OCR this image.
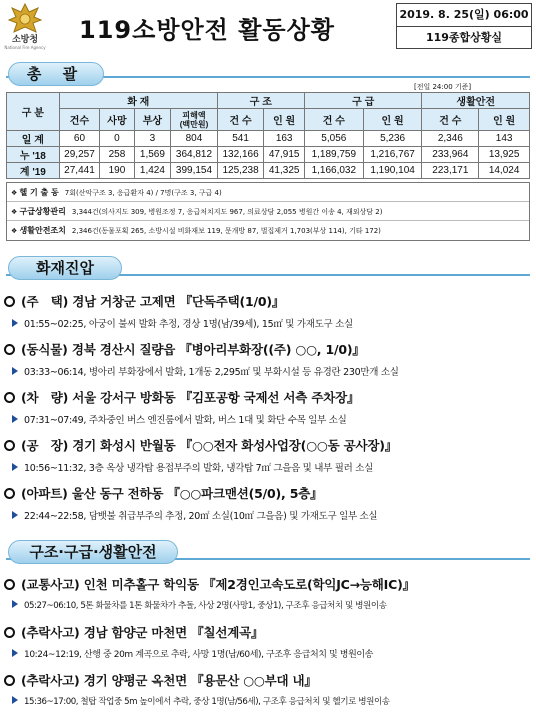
소방청
National Fire Agency
119소방안전 활동상황
2019. 8. 25(일) 06:00
119종합상황실
총 괄
[전일 24:00 기준]
구 분	화 재				구 조		구 급		생활안전	
	건수	사망	부상	피해액
(백만원)	건 수	인 원	건 수	인 원	건 수	인 원
일 계	60	0	3	804	541	163	5,056	5,236	2,346	143
누 '18	29,257	258	1,569	364,812	132,166	47,915	1,189,759	1,216,767	233,964	13,925
계 '19	27,441	190	1,424	399,154	125,238	41,325	1,166,032	1,190,104	223,171	14,024
❖ 헬 기 출 동 7회(산악구조 3, 응급환자 4) / 7명(구조 3, 구급 4)
❖ 구급상황관리 3,344건(의사지도 309, 병원조정 7, 응급처치지도 967, 의료상담 2,055 병원간 이송 4, 재외상담 2)
❖ 생활안전조치 2,346건(동물포획 265, 소방시설 비화재보 119, 문개방 87, 벌집제거 1,703(부상 114), 기타 172)
화재진압
(주　택) 경남 거창군 고제면 『단독주택(1/0)』
01:55~02:25, 아궁이 불씨 발화 추정, 경상 1명(남/39세), 15㎡ 및 가재도구 소실
(동식물) 경북 경산시 질량읍 『병아리부화장((주) ○○, 1/0)』
03:33~06:14, 병아리 부화장에서 발화, 1개동 2,295㎡ 및 부화시설 등 유경란 230만개 소실
(차　량) 서울 강서구 방화동 『김포공항 국제선 서측 주차장』
07:31~07:49, 주차중인 버스 엔진룸에서 발화, 버스 1대 및 화단 수목 일부 소실
(공　장) 경기 화성시 반월동 『○○전자 화성사업장(○○동 공사장)』
10:56~11:32, 3층 옥상 냉각탑 용접부주의 발화, 냉각탑 7㎡ 그을음 및 내부 필러 소실
(아파트) 울산 동구 전하동 『○○파크맨션(5/0), 5층』
22:44~22:58, 담뱃불 취급부주의 추정, 20㎡ 소실(10㎡ 그을음) 및 가재도구 일부 소실
구조·구급·생활안전
(교통사고) 인천 미추홀구 학익동 『제2경인고속도로(학익JC→능해IC)』
05:27~06:10, 5톤 화물차를 1톤 화물차가 추돌, 사상 2명(사망1, 중상1), 구조후 응급처치 및 병원이송
(추락사고) 경남 함양군 마천면 『칠선계곡』
10:24~12:19, 산행 중 20m 계곡으로 추락, 사망 1명(남/60세), 구조후 응급처치 및 병원이송
(추락사고) 경기 양평군 옥천면 『용문산 ○○부대 내』
15:36~17:00, 철탑 작업중 5m 높이에서 추락, 중상 1명(남/56세), 구조후 응급처치 및 헬기로 병원이송
